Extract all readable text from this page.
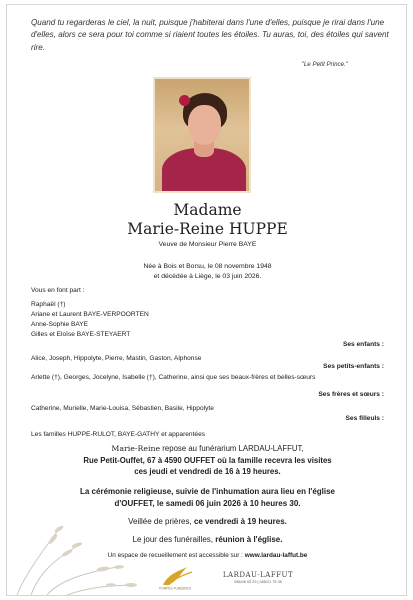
Quand tu regarderas le ciel, la nuit, puisque j'habiterai dans l'une d'elles, puisque je rirai dans l'une d'elles, alors ce sera pour toi comme si riaient toutes les étoiles. Tu auras, toi, des étoiles qui savent rire.
"Le Petit Prince."
Madame
Marie-Reine HUPPE
Veuve de Monsieur Pierre BAYE
Née à Bois et Borsu, le 08 novembre 1948
et décédée à Liège, le 03 juin 2026.
Vous en font part :
Raphaël (†)
Ariane et Laurent BAYE-VERPOORTEN
Anne-Sophie BAYE
Gilles et Eloïse BAYE-STEYAERT
Ses enfants :
Alice, Joseph, Hippolyte, Pierre, Mastin, Gaston, Alphonse
Ses petits-enfants :
Arlette (†), Georges, Jocelyne, Isabelle (†), Catherine, ainsi que ses beaux-frères et belles-sœurs
Ses frères et sœurs :
Catherine, Murielle, Marie-Louisa, Sébastien, Basile, Hippolyte
Ses filleuls :
Les familles HUPPE-RULOT, BAYE-GATHY et apparentées
Marie-Reine repose au funérarium LARDAU-LAFFUT,
Rue Petit-Ouffet, 67 à 4590 OUFFET où la famille recevra les visites
ces jeudi et vendredi de 16 à 19 heures.
La cérémonie religieuse, suivie de l'inhumation aura lieu en l'église
d'OUFFET, le samedi 06 juin 2026 à 10 heures 30.
Veillée de prières, ce vendredi à 19 heures.
Le jour des funérailles, réunion à l'église.
Un espace de recueillement est accessible sur : www.lardau-laffut.be
POMPES FUNÈBRES
LARDAU-LAFFUT
086/45 63 29 | 085/21 75 38
